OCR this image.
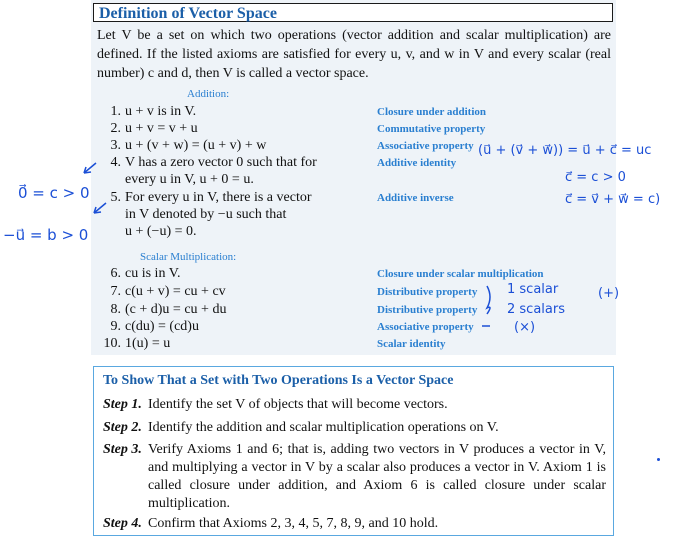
Definition of Vector Space
Let V be a set on which two operations (vector addition and scalar multiplication) are defined. If the listed axioms are satisfied for every u, v, and w in V and every scalar (real number) c and d, then V is called a vector space.
Addition:
1. u + v is in V.
2. u + v = v + u
3. u + (v + w) = (u + v) + w
4. V has a zero vector 0 such that for
every u in V, u + 0 = u.
5. For every u in V, there is a vector
in V denoted by −u such that
u + (−u) = 0.
Closure under addition
Commutative property
Associative property
Additive identity
Additive inverse
Scalar Multiplication:
6. cu is in V.
7. c(u + v) = cu + cv
8. (c + d)u = cu + du
9. c(du) = (cd)u
10. 1(u) = u
Closure under scalar multiplication
Distributive property
Distributive property
Associative property
Scalar identity
To Show That a Set with Two Operations Is a Vector Space
Step 1. Identify the set V of objects that will become vectors.
Step 2. Identify the addition and scalar multiplication operations on V.
Step 3. Verify Axioms 1 and 6; that is, adding two vectors in V produces a vector in V, and multiplying a vector in V by a scalar also produces a vector in V. Axiom 1 is called closure under addition, and Axiom 6 is called closure under scalar multiplication.
Step 4. Confirm that Axioms 2, 3, 4, 5, 7, 8, 9, and 10 hold.
0⃗ = c > 0
−u⃗ = b > 0
(u⃗ + (v⃗ + w⃗)) = u⃗ + c⃗ = uc
c⃗ = c > 0
c⃗ = v⃗ + w⃗ = c)
1 scalar
2 scalars
(+)
(×)
